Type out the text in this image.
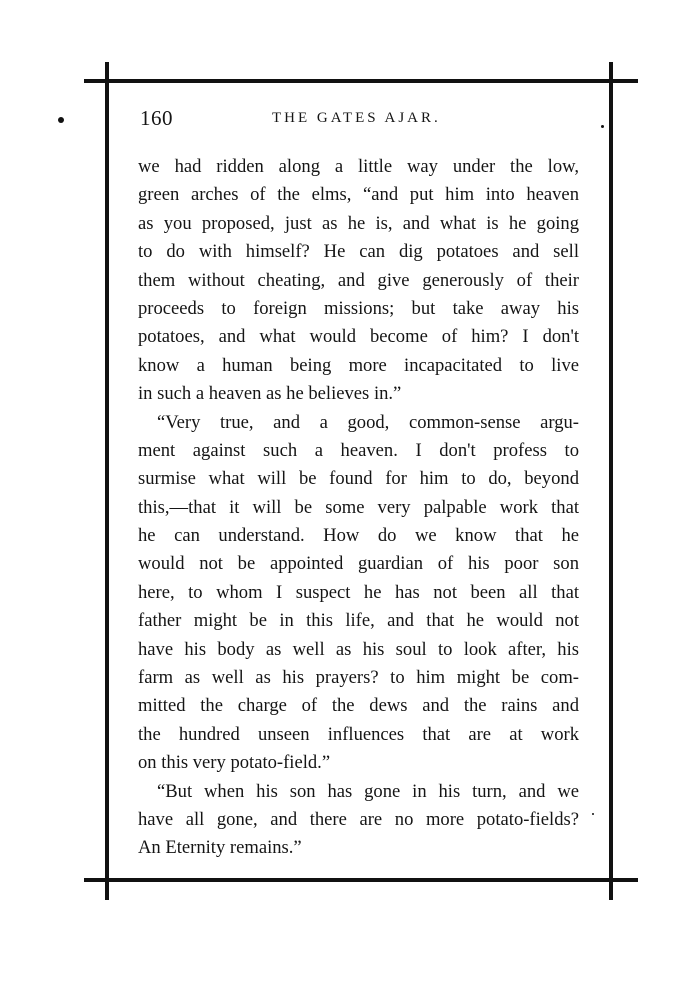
160	THE GATES AJAR.
we had ridden along a little way under the low,
green arches of the elms, “and put him into heaven
as you proposed, just as he is, and what is he going
to do with himself? He can dig potatoes and sell
them without cheating, and give generously of their
proceeds to foreign missions; but take away his
potatoes, and what would become of him? I don't
know a human being more incapacitated to live
in such a heaven as he believes in.”
“Very true, and a good, common-sense argu-
ment against such a heaven. I don't profess to
surmise what will be found for him to do, beyond
this,—that it will be some very palpable work that
he can understand. How do we know that he
would not be appointed guardian of his poor son
here, to whom I suspect he has not been all that
father might be in this life, and that he would not
have his body as well as his soul to look after, his
farm as well as his prayers? to him might be com-
mitted the charge of the dews and the rains and
the hundred unseen influences that are at work
on this very potato-field.”
“But when his son has gone in his turn, and we
have all gone, and there are no more potato-fields?
An Eternity remains.”
